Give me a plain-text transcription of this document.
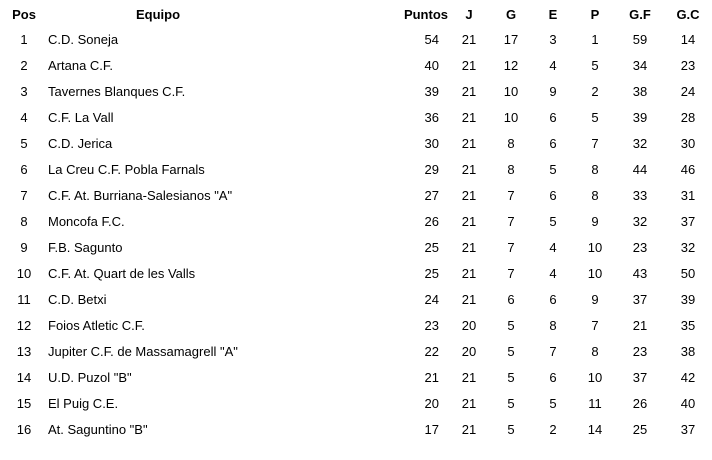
Pos	Equipo	Puntos	J	G	E	P	G.F	G.C
1	C.D. Soneja	54	21	17	3	1	59	14
2	Artana C.F.	40	21	12	4	5	34	23
3	Tavernes Blanques C.F.	39	21	10	9	2	38	24
4	C.F. La Vall	36	21	10	6	5	39	28
5	C.D. Jerica	30	21	8	6	7	32	30
6	La Creu C.F. Pobla Farnals	29	21	8	5	8	44	46
7	C.F. At. Burriana-Salesianos "A"	27	21	7	6	8	33	31
8	Moncofa F.C.	26	21	7	5	9	32	37
9	F.B. Sagunto	25	21	7	4	10	23	32
10	C.F. At. Quart de les Valls	25	21	7	4	10	43	50
11	C.D. Betxi	24	21	6	6	9	37	39
12	Foios Atletic C.F.	23	20	5	8	7	21	35
13	Jupiter C.F. de Massamagrell "A"	22	20	5	7	8	23	38
14	U.D. Puzol "B"	21	21	5	6	10	37	42
15	El Puig C.E.	20	21	5	5	11	26	40
16	At. Saguntino "B"	17	21	5	2	14	25	37
